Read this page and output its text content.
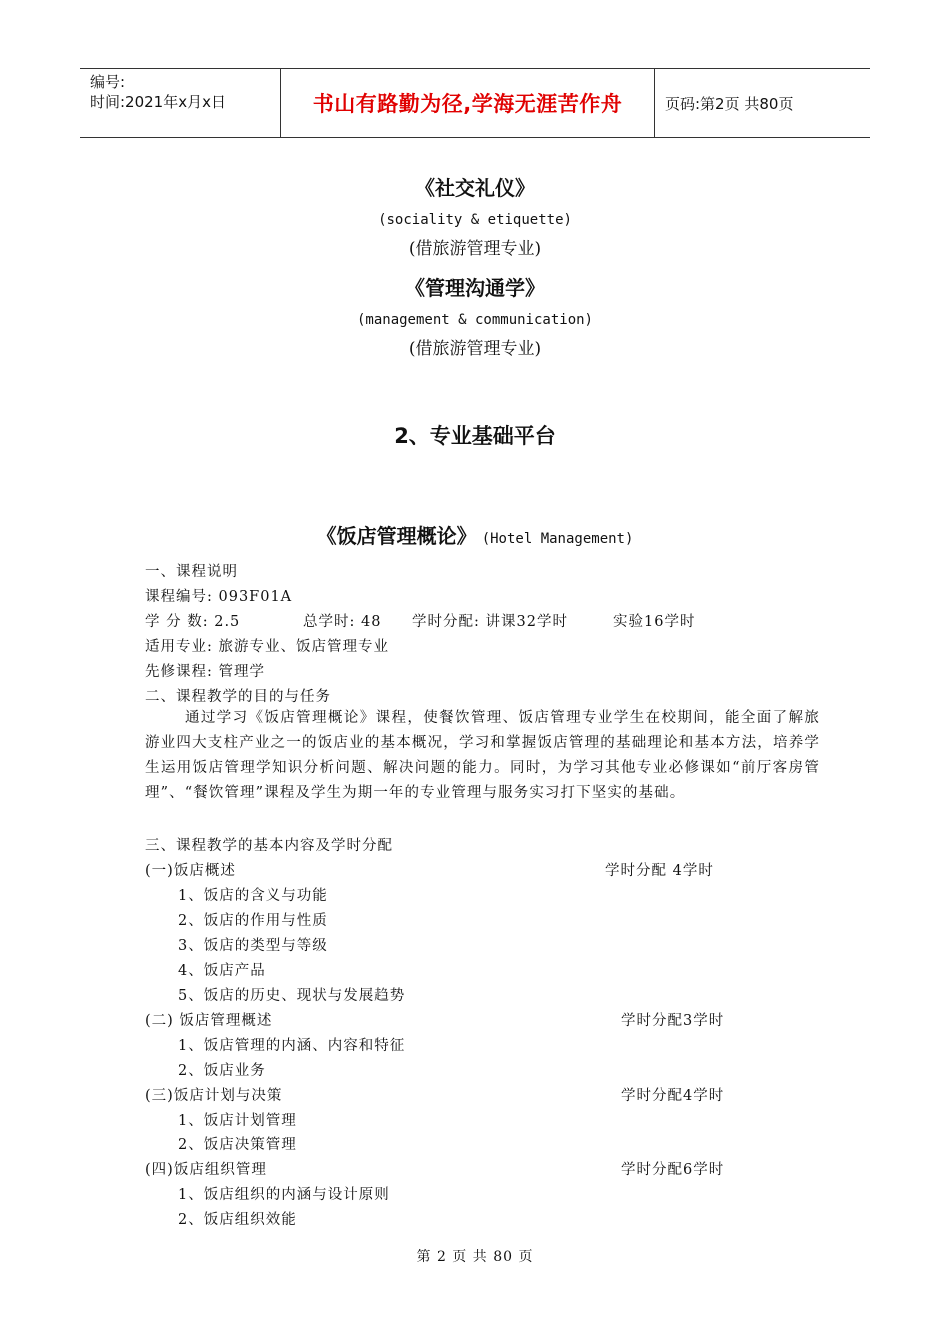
编号:
时间:2021年x月x日	书山有路勤为径,学海无涯苦作舟	页码:第2页 共80页
《社交礼仪》
(sociality & etiquette)
(借旅游管理专业)
《管理沟通学》
(management & communication)
(借旅游管理专业)
2、专业基础平台
《饭店管理概论》 (Hotel Management)
一、课程说明
课程编号: 093F01A
学 分 数: 2.5	总学时: 48 学时分配: 讲课32学时	实验16学时
适用专业: 旅游专业、饭店管理专业
先修课程: 管理学
二、课程教学的目的与任务
通过学习《饭店管理概论》课程，使餐饮管理、饭店管理专业学生在校期间，能全面了解旅游业四大支柱产业之一的饭店业的基本概况，学习和掌握饭店管理的基础理论和基本方法，培养学生运用饭店管理学知识分析问题、解决问题的能力。同时，为学习其他专业必修课如“前厅客房管理”、“餐饮管理”课程及学生为期一年的专业管理与服务实习打下坚实的基础。
三、课程教学的基本内容及学时分配
(一)饭店概述	学时分配 4学时
1、饭店的含义与功能
2、饭店的作用与性质
3、饭店的类型与等级
4、饭店产品
5、饭店的历史、现状与发展趋势
(二) 饭店管理概述	学时分配3学时
1、饭店管理的内涵、内容和特征
2、饭店业务
(三)饭店计划与决策	学时分配4学时
1、饭店计划管理
2、饭店决策管理
(四)饭店组织管理	学时分配6学时
1、饭店组织的内涵与设计原则
2、饭店组织效能
第 2 页 共 80 页
